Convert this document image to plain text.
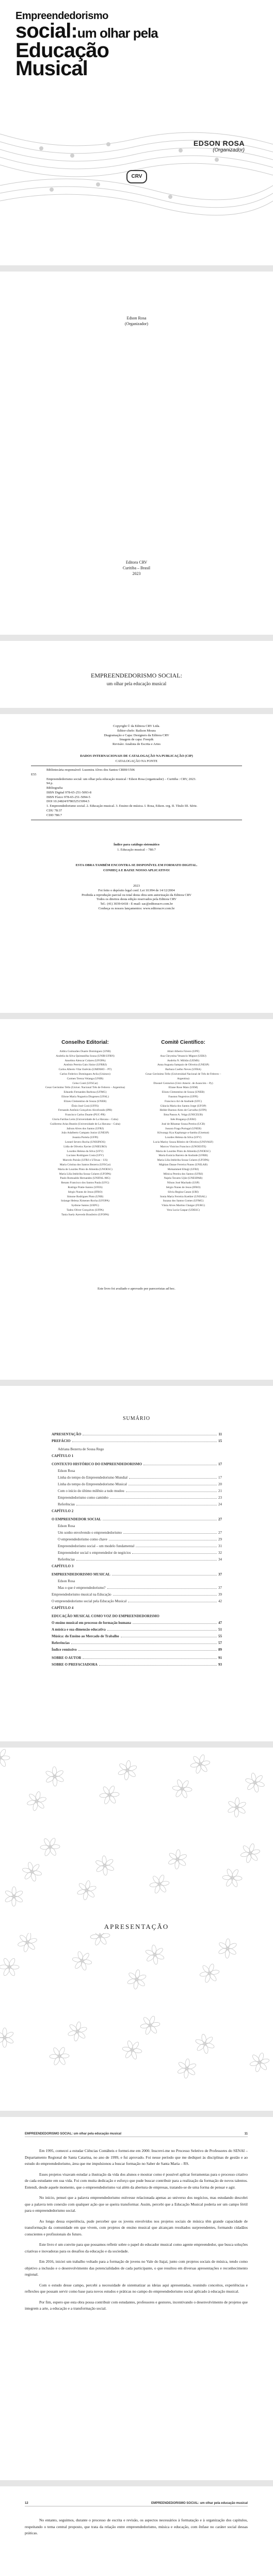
Empreendedorismo
social:um olhar pela
Educação
Musical
EDSON ROSA
(Organizador)
CRV
Edson Rosa
(Organizador)
Editora CRV
Curitiba – Brasil
2023
EMPREENDEDORISMO SOCIAL:
um olhar pela educação musical
Copyright © da Editora CRV Ltda.
Editor-chefe: Railson Moura
Diagramação e Capa: Designers da Editora CRV
Imagem de capa: Freepik
Revisão: Analista de Escrita e Artes
DADOS INTERNACIONAIS DE CATALOGAÇÃO NA PUBLICAÇÃO (CIP)
CATALOGAÇÃO NA FONTE
Bibliotecária responsável: Luzenira Alves dos Santos CRB9/1506
E55
Empreendedorismo social: um olhar pela educação musical / Edson Rosa (organizador) – Curitiba : CRV, 2023.
94 p.
Bibliografia
ISBN Digital 978-65-251-5093-8
ISBN Físico 978-65-251-5094-5
DOI 10.24824/978652515094.5
1. Empreendedorismo social. 2. Educação musical. 3. Ensino de música. I. Rosa, Edson. org. II. Título III. Série.
CDU 78:37
CDD 780.7
Índice para catálogo sistemático
1. Educação musical – 780.7
ESTA OBRA TAMBÉM ENCONTRA-SE DISPONÍVEL EM FORMATO DIGITAL.
CONHEÇA E BAIXE NOSSO APLICATIVO!
2023
Foi feito o depósito legal conf. Lei 10.994 de 14/12/2004
Proibida a reprodução parcial ou total desta obra sem autorização da Editora CRV
Todos os direitos desta edição reservados pela Editora CRV
Tel.: (41) 3039-6418 - E-mail: sac@editoracrv.com.br
Conheça os nossos lançamentos: www.editoracrv.com.br
Conselho Editorial:
Aldira Guimarães Duarte Domínguez (UNB)
Andréia da Silva Quintanilha Sousa (UNIR/UFRN)
Anselmo Alencar Colares (UFOPA)
Antônio Pereira Gaio Júnior (UFRRJ)
Carlos Alberto Vilar Estêvão (UMINHO – PT)
Carlos Federico Dominguez Avila (Unieuro)
Carmen Tereza Velanga (UNIR)
Celso Conti (UFSCar)
Cesar Gerónimo Tello (Univer. Nacional Três de Febrero – Argentina)
Eduardo Fernandes Barbosa (UFMG)
Elione Maria Nogueira Diogenes (UFAL)
Elizeu Clementino de Souza (UNEB)
Élsio José Corá (UFFS)
Fernando Antônio Gonçalves Alcoforado (IPB)
Francisco Carlos Duarte (PUC-PR)
Gloria Fariñas León (Universidade de La Havana – Cuba)
Guillermo Arias Beatón (Universidade de La Havana – Cuba)
Jailson Alves dos Santos (UFRJ)
João Adalberto Campato Junior (UNESP)
Josania Portela (UFPI)
Leonel Severo Rocha (UNISINOS)
Lídia de Oliveira Xavier (UNIEURO)
Lourdes Helena da Silva (UFV)
Luciano Rodrigues Costa (UFV)
Marcelo Paixão (UFRJ e UTexas – US)
Maria Cristina dos Santos Bezerra (UFSCar)
Maria de Lourdes Pinto de Almeida (UNOESC)
Maria Lília Imbiriba Sousa Colares (UFOPA)
Paulo Romualdo Hernandes (UNIFAL-MG)
Renato Francisco dos Santos Paula (UFG)
Rodrigo Pratte-Santos (UFES)
Sérgio Nunes de Jesus (IFRO)
Simone Rodrigues Pinto (UNB)
Solange Helena Ximenes-Rocha (UFOPA)
Sydione Santos (UEPG)
Tadeu Oliver Gonçalves (UFPA)
Tania Suely Azevedo Brasileiro (UFOPA)
Comitê Científico:
Altair Alberto Fávero (UPF)
Ana Chrystina Venancio Mignot (UERJ)
Andréia N. Militão (UEMS)
Anna Augusta Sampaio de Oliveira (UNESP)
Barbara Coelho Neves (UFBA)
Cesar Gerónimo Tello (Universidad Nacional de Três de Febrero – Argentina)
Diosnel Centurion (Univ Americ. de Asunción – Py)
Eliane Rose Maio (UEM)
Elizeu Clementino de Souza (UNEB)
Fauston Negreiros (UFPI)
Francisco Ari de Andrade (UFC)
Gláucia Maria dos Santos Jorge (UFOP)
Helder Buenos Aires de Carvalho (UFPI)
Ilma Passos A. Veiga (UNICEUB)
Inês Bragança (UERJ)
José de Ribamar Sousa Pereira (UCB)
Jussara Fraga Portugal (UNEB)
Kilwangy Kya Kapitango-a-Samba (Unemat)
Lourdes Helena da Silva (UFV)
Lucia Marisy Souza Ribeiro de Oliveira (UNIVASF)
Marcos Vinicius Francisco (UNOESTE)
Maria de Lourdes Pinto de Almeida (UNOESC)
Maria Eurácia Barreto de Andrade (UFRB)
Maria Lília Imbiriba Sousa Colares (UFOPA)
Míghian Danae Ferreira Nunes (UNILAB)
Mohammed Elhajji (UFRJ)
Mônica Pereira dos Santos (UFRJ)
Najela Tavares Ujiie (UNESPAR)
Nilson José Machado (USP)
Sérgio Nunes de Jesus (IFRO)
Silvia Regina Canan (URI)
Sonia Maria Ferreira Koehler (UNISAL)
Suzana dos Santos Gomes (UFMG)
Vânia Alves Martins Chaigar (FURG)
Vera Lucia Gaspar (UDESC)
Este livro foi avaliado e aprovado por pareceristas ad hoc.
SUMÁRIO
APRESENTAÇÃO	11
PREFÁCIO	15
Adriana Bezerra de Sousa Rego
CAPÍTULO 1
CONTEXTO HISTÓRICO DO EMPREENDEDORISMO	17
Edson Rosa
Linha do tempo do Empreendedorismo Mundial	17
Linha do tempo do Empreendedorismo Musical	20
Com o início do último milênio a tudo mudou	21
Empreendedorismo como caminho	23
Referências	24
CAPÍTULO 2
O EMPREENDEDOR SOCIAL	27
Edson Rosa
Um sonho envolvendo o empreendedorismo	27
O empreendedorismo como chave	29
Empreendedorismo social – um modelo fundamental	31
Empreendedor social x empreendedor de negócios	32
Referências	34
CAPÍTULO 3
EMPREENDEDORISMO MUSICAL	37
Edson Rosa
Mas o que é empreendedorismo?	37
Empreendedorismo musical na Educação	39
O empreendedorismo social pela Educação Musical	42
CAPÍTULO 4
EDUCAÇÃO MUSICAL COMO VOZ DO EMPREENDEDORISMO
O ensino musical em processo de formação humana	47
A música e sua dimensão educativa	51
Música: do Ensino ao Mercado de Trabalho	55
Referências	57
Índice remissivo	89
SOBRE O AUTOR	91
SOBRE O PREFACIADORA	93
APRESENTAÇÃO
EMPREENDEDORISMO SOCIAL: um olhar pela educação musical	11

Em 1995, comecei a estudar Ciências Contábeis e formei-me em 2000. Inscrevi-me no Processo Seletivo de Professores do SENAI – Departamento Regional de Santa Catarina, no ano de 1999, e fui aprovado. Foi nesse período que me dediquei às disciplinas de gestão e ao estudo do empreendedorismo, área que me impulsionou a buscar formação no Saber de Santa Maria – RS.

Esses projetos visavam estudar a ilustração da vida dos alunos e mostrar como é possível aplicar ferramentas para o processo criativo de cada estudante em sua vida. Foi com muita dedicação e esforço que pude buscar contribuir para a realização da formação de novos talentos. Entendi, desde aquele momento, que o empreendedorismo vai além da abertura de empresas, tratando-se de uma forma de pensar e agir.

No início, pensei que a palavra empreendedorismo estivesse relacionada apenas ao universo dos negócios, mas estudando descobri que a palavra tem conexão com qualquer ação que se queira transformar. Assim, percebi que a Educação Musical poderia ser um campo fértil para o empreendedorismo social.

Ao longo dessa experiência, pude perceber que os jovens envolvidos nos projetos sociais de música têm grande capacidade de transformação da comunidade em que vivem, com projetos de ensino musical que alcançam resultados surpreendentes, formando cidadãos conscientes e profissionais do futuro.

Este livro é um convite para que possamos refletir sobre o papel do educador musical como agente empreendedor, que busca soluções criativas e inovadoras para os desafios da educação e da sociedade.

Em 2016, iniciei um trabalho voltado para a formação de jovens no Vale do Itajaí, junto com projetos sociais de música, tendo como objetivo a inclusão e o desenvolvimento das potencialidades de cada participante, o que resultou em diversas apresentações e reconhecimento regional.

Com o estudo desse campo, percebi a necessidade de sistematizar as ideias aqui apresentadas, reunindo conceitos, experiências e reflexões que possam servir como base para novos estudos e práticas no campo do empreendedorismo social aplicado à educação musical.

Por fim, espero que esta obra possa contribuir com estudantes, professores e gestores, incentivando o desenvolvimento de projetos que integrem a arte, a educação e a transformação social.

12	EMPREENDEDORISMO SOCIAL: um olhar pela educação musical

No entanto, seguimos, durante o processo de escrita e revisão, os aspectos necessários à formatação e à organização dos capítulos, respeitando o tema central proposto, que trata da relação entre empreendedorismo, música e educação, com ênfase no caráter social dessas práticas.
